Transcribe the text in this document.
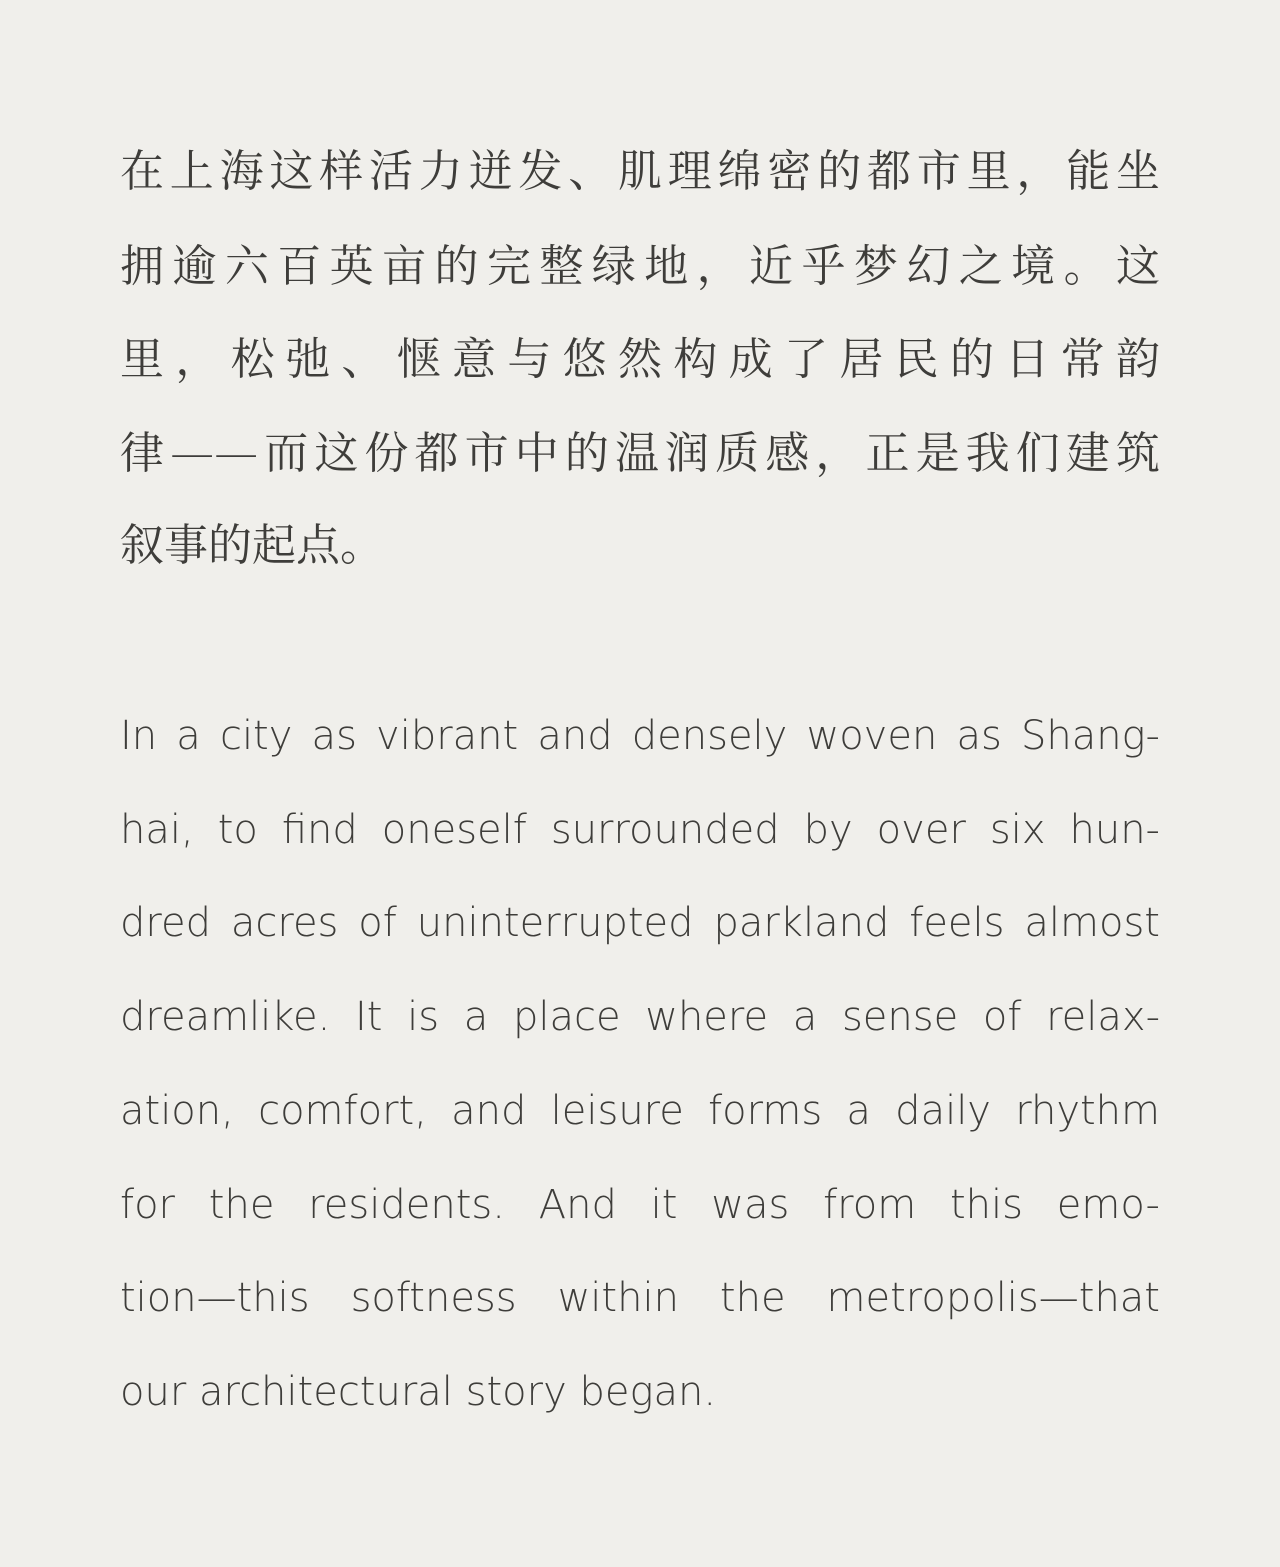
在上海这样活力迸发、肌理绵密的都市里，能坐
拥逾六百英亩的完整绿地，近乎梦幻之境。这
里，松弛、惬意与悠然构成了居民的日常韵
律——而这份都市中的温润质感，正是我们建筑
叙事的起点。
In a city as vibrant and densely woven as Shang-
hai, to find oneself surrounded by over six hun-
dred acres of uninterrupted parkland feels almost
dreamlike. It is a place where a sense of relax-
ation, comfort, and leisure forms a daily rhythm
for the residents. And it was from this emo-
tion—this softness within the metropolis—that
our architectural story began.
